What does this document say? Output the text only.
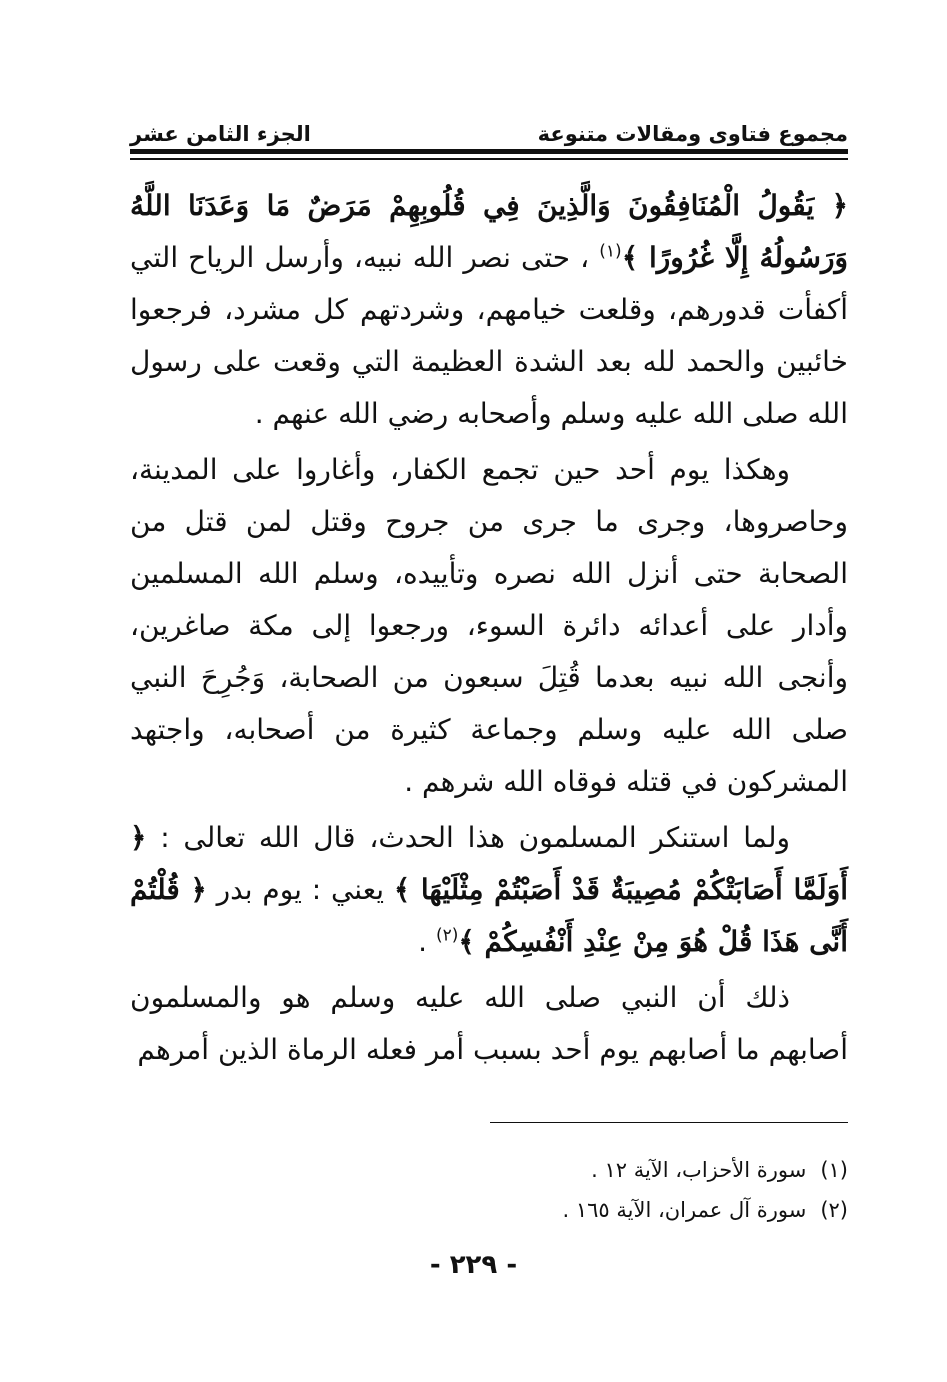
مجموع فتاوى ومقالات متنوعة
الجزء الثامن عشر

﴿ يَقُولُ الْمُنَافِقُونَ وَالَّذِينَ فِي قُلُوبِهِمْ مَرَضٌ مَا وَعَدَنَا اللَّهُ وَرَسُولُهُ إِلَّا غُرُورًا ﴾$^{(١)}$ ، حتى نصر الله نبيه، وأرسل الرياح التي أكفأت قدورهم، وقلعت خيامهم، وشردتهم كل مشرد، فرجعوا خائبين والحمد لله بعد الشدة العظيمة التي وقعت على رسول الله صلى الله عليه وسلم وأصحابه رضي الله عنهم .

وهكذا يوم أحد حين تجمع الكفار، وأغاروا على المدينة، وحاصروها، وجرى ما جرى من جروح وقتل لمن قتل من الصحابة حتى أنزل الله نصره وتأييده، وسلم الله المسلمين وأدار على أعدائه دائرة السوء، ورجعوا إلى مكة صاغرين، وأنجى الله نبيه بعدما قُتِلَ سبعون من الصحابة، وَجُرِحَ النبي صلى الله عليه وسلم وجماعة كثيرة من أصحابه، واجتهد المشركون في قتله فوقاه الله شرهم .

ولما استنكر المسلمون هذا الحدث، قال الله تعالى : ﴿ أَوَلَمَّا أَصَابَتْكُمْ مُصِيبَةٌ قَدْ أَصَبْتُمْ مِثْلَيْهَا ﴾ يعني : يوم بدر ﴿ قُلْتُمْ أَنَّى هَذَا قُلْ هُوَ مِنْ عِنْدِ أَنْفُسِكُمْ ﴾$^{(٢)}$ .

ذلك أن النبي صلى الله عليه وسلم هو والمسلمون أصابهم ما أصابهم يوم أحد بسبب أمر فعله الرماة الذين أمرهم

(١)
سورة الأحزاب، الآية ١٢ .
(٢)
سورة آل عمران، الآية ١٦٥ .
- ٢٢٩ -
